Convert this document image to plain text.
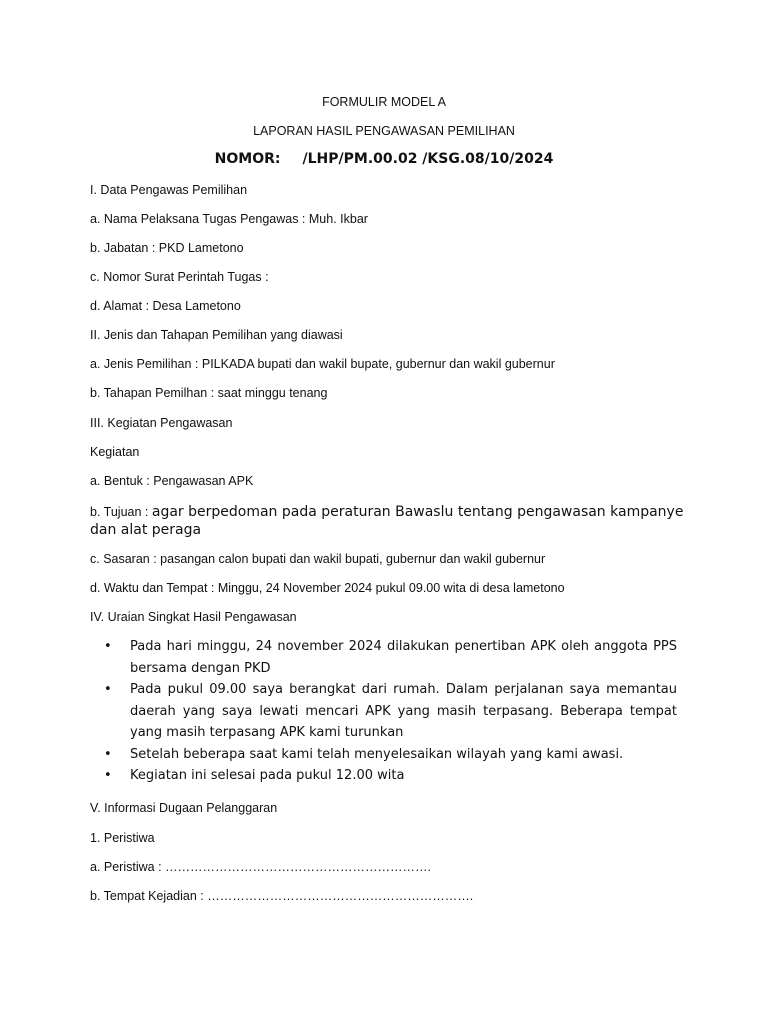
FORMULIR MODEL A
LAPORAN HASIL PENGAWASAN PEMILIHAN
NOMOR: /LHP/PM.00.02 /KSG.08/10/2024
I. Data Pengawas Pemilihan
a. Nama Pelaksana Tugas Pengawas : Muh. Ikbar
b. Jabatan : PKD Lametono
c. Nomor Surat Perintah Tugas :
d. Alamat : Desa Lametono
II. Jenis dan Tahapan Pemilihan yang diawasi
a. Jenis Pemilihan : PILKADA bupati dan wakil bupate, gubernur dan wakil gubernur
b. Tahapan Pemilhan : saat minggu tenang
III. Kegiatan Pengawasan
Kegiatan
a. Bentuk : Pengawasan APK
b. Tujuan : agar berpedoman pada peraturan Bawaslu tentang pengawasan kampanye dan alat peraga
c. Sasaran : pasangan calon bupati dan wakil bupati, gubernur dan wakil gubernur
d. Waktu dan Tempat : Minggu, 24 November 2024 pukul 09.00 wita di desa lametono
IV. Uraian Singkat Hasil Pengawasan
• Pada hari minggu, 24 november 2024 dilakukan penertiban APK oleh anggota PPS bersama dengan PKD
• Pada pukul 09.00 saya berangkat dari rumah. Dalam perjalanan saya memantau daerah yang saya lewati mencari APK yang masih terpasang. Beberapa tempat yang masih terpasang APK kami turunkan
• Setelah beberapa saat kami telah menyelesaikan wilayah yang kami awasi.
• Kegiatan ini selesai pada pukul 12.00 wita
V. Informasi Dugaan Pelanggaran
1. Peristiwa
a. Peristiwa : ……………………………………………………….
b. Tempat Kejadian : ……………………………………………………….
